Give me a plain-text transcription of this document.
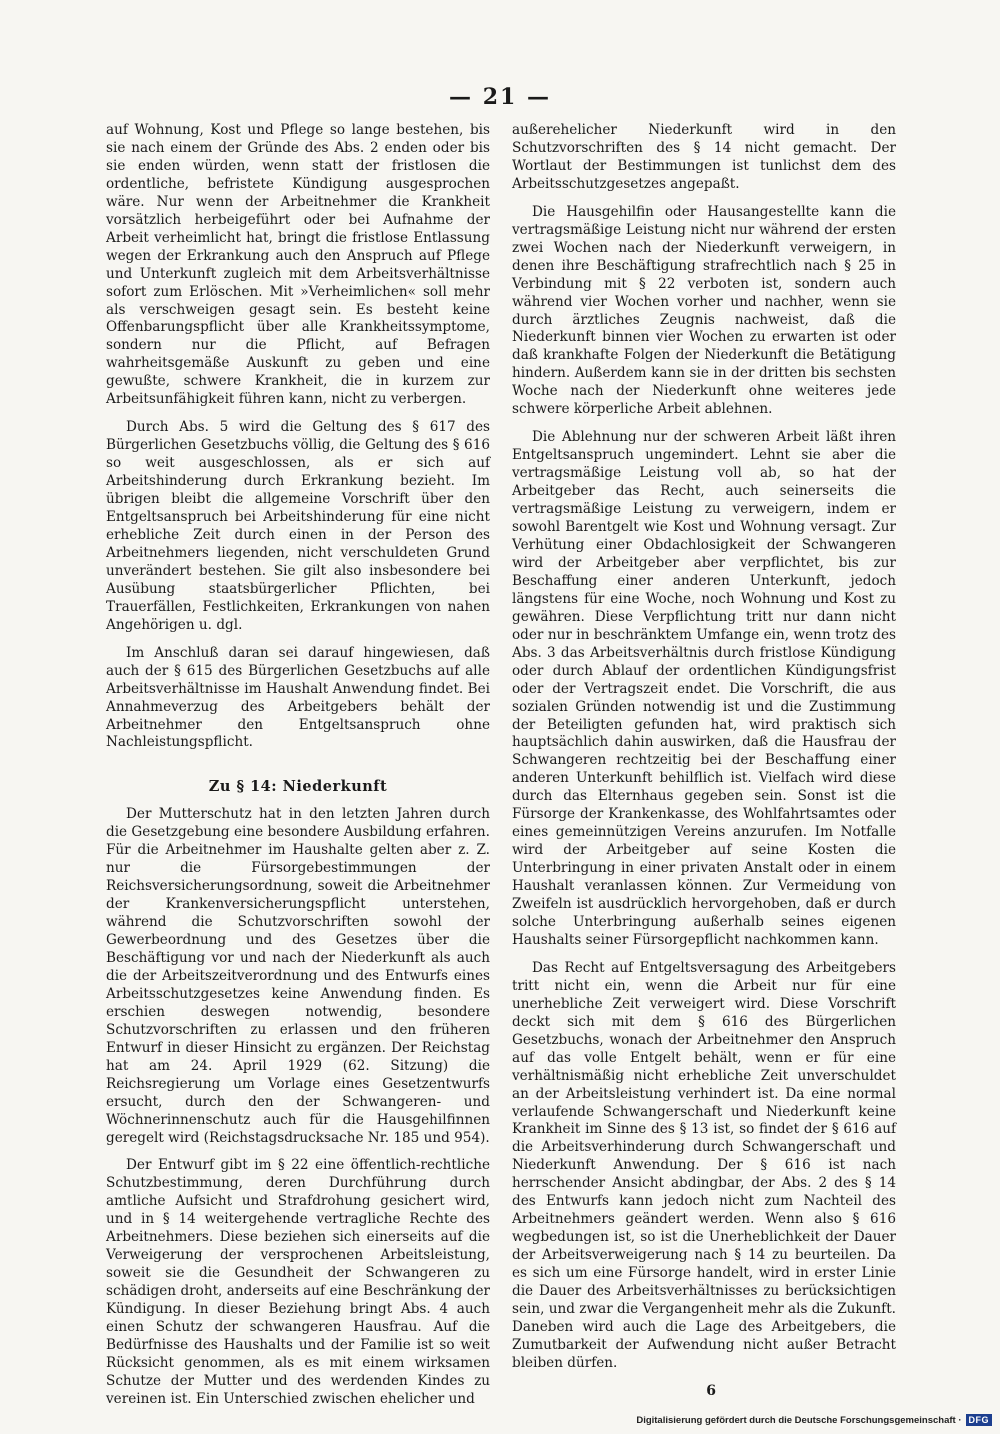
— 21 —

auf Wohnung, Kost und Pflege so lange bestehen, bis sie nach einem der Gründe des Abs. 2 enden oder bis sie enden würden, wenn statt der fristlosen die ordentliche, befristete Kündigung ausgesprochen wäre. Nur wenn der Arbeitnehmer die Krankheit vorsätzlich herbeigeführt oder bei Aufnahme der Arbeit verheimlicht hat, bringt die fristlose Entlassung wegen der Erkrankung auch den Anspruch auf Pflege und Unterkunft zugleich mit dem Arbeitsverhältnisse sofort zum Erlöschen. Mit »Verheimlichen« soll mehr als verschweigen gesagt sein. Es besteht keine Offenbarungspflicht über alle Krankheitssymptome, sondern nur die Pflicht, auf Befragen wahrheitsgemäße Auskunft zu geben und eine gewußte, schwere Krankheit, die in kurzem zur Arbeitsunfähigkeit führen kann, nicht zu verbergen.

Durch Abs. 5 wird die Geltung des § 617 des Bürgerlichen Gesetzbuchs völlig, die Geltung des § 616 so weit ausgeschlossen, als er sich auf Arbeitshinderung durch Erkrankung bezieht. Im übrigen bleibt die allgemeine Vorschrift über den Entgeltsanspruch bei Arbeitshinderung für eine nicht erhebliche Zeit durch einen in der Person des Arbeitnehmers liegenden, nicht verschuldeten Grund unverändert bestehen. Sie gilt also insbesondere bei Ausübung staatsbürgerlicher Pflichten, bei Trauerfällen, Festlichkeiten, Erkrankungen von nahen Angehörigen u. dgl.

Im Anschluß daran sei darauf hingewiesen, daß auch der § 615 des Bürgerlichen Gesetzbuchs auf alle Arbeitsverhältnisse im Haushalt Anwendung findet. Bei Annahmeverzug des Arbeitgebers behält der Arbeitnehmer den Entgeltsanspruch ohne Nachleistungspflicht.

Zu § 14: Niederkunft

Der Mutterschutz hat in den letzten Jahren durch die Gesetzgebung eine besondere Ausbildung erfahren. Für die Arbeitnehmer im Haushalte gelten aber z. Z. nur die Fürsorgebestimmungen der Reichsversicherungsordnung, soweit die Arbeitnehmer der Krankenversicherungspflicht unterstehen, während die Schutzvorschriften sowohl der Gewerbeordnung und des Gesetzes über die Beschäftigung vor und nach der Niederkunft als auch die der Arbeitszeitverordnung und des Entwurfs eines Arbeitsschutzgesetzes keine Anwendung finden. Es erschien deswegen notwendig, besondere Schutzvorschriften zu erlassen und den früheren Entwurf in dieser Hinsicht zu ergänzen. Der Reichstag hat am 24. April 1929 (62. Sitzung) die Reichsregierung um Vorlage eines Gesetzentwurfs ersucht, durch den der Schwangeren- und Wöchnerinnenschutz auch für die Hausgehilfinnen geregelt wird (Reichstagsdrucksache Nr. 185 und 954).

Der Entwurf gibt im § 22 eine öffentlich-rechtliche Schutzbestimmung, deren Durchführung durch amtliche Aufsicht und Strafdrohung gesichert wird, und in § 14 weitergehende vertragliche Rechte des Arbeitnehmers. Diese beziehen sich einerseits auf die Verweigerung der versprochenen Arbeitsleistung, soweit sie die Gesundheit der Schwangeren zu schädigen droht, anderseits auf eine Beschränkung der Kündigung. In dieser Beziehung bringt Abs. 4 auch einen Schutz der schwangeren Hausfrau. Auf die Bedürfnisse des Haushalts und der Familie ist so weit Rücksicht genommen, als es mit einem wirksamen Schutze der Mutter und des werdenden Kindes zu vereinen ist. Ein Unterschied zwischen ehelicher und

außerehelicher Niederkunft wird in den Schutzvorschriften des § 14 nicht gemacht. Der Wortlaut der Bestimmungen ist tunlichst dem des Arbeitsschutzgesetzes angepaßt.

Die Hausgehilfin oder Hausangestellte kann die vertragsmäßige Leistung nicht nur während der ersten zwei Wochen nach der Niederkunft verweigern, in denen ihre Beschäftigung strafrechtlich nach § 25 in Verbindung mit § 22 verboten ist, sondern auch während vier Wochen vorher und nachher, wenn sie durch ärztliches Zeugnis nachweist, daß die Niederkunft binnen vier Wochen zu erwarten ist oder daß krankhafte Folgen der Niederkunft die Betätigung hindern. Außerdem kann sie in der dritten bis sechsten Woche nach der Niederkunft ohne weiteres jede schwere körperliche Arbeit ablehnen.

Die Ablehnung nur der schweren Arbeit läßt ihren Entgeltsanspruch ungemindert. Lehnt sie aber die vertragsmäßige Leistung voll ab, so hat der Arbeitgeber das Recht, auch seinerseits die vertragsmäßige Leistung zu verweigern, indem er sowohl Barentgelt wie Kost und Wohnung versagt. Zur Verhütung einer Obdachlosigkeit der Schwangeren wird der Arbeitgeber aber verpflichtet, bis zur Beschaffung einer anderen Unterkunft, jedoch längstens für eine Woche, noch Wohnung und Kost zu gewähren. Diese Verpflichtung tritt nur dann nicht oder nur in beschränktem Umfange ein, wenn trotz des Abs. 3 das Arbeitsverhältnis durch fristlose Kündigung oder durch Ablauf der ordentlichen Kündigungsfrist oder der Vertragszeit endet. Die Vorschrift, die aus sozialen Gründen notwendig ist und die Zustimmung der Beteiligten gefunden hat, wird praktisch sich hauptsächlich dahin auswirken, daß die Hausfrau der Schwangeren rechtzeitig bei der Beschaffung einer anderen Unterkunft behilflich ist. Vielfach wird diese durch das Elternhaus gegeben sein. Sonst ist die Fürsorge der Krankenkasse, des Wohlfahrtsamtes oder eines gemeinnützigen Vereins anzurufen. Im Notfalle wird der Arbeitgeber auf seine Kosten die Unterbringung in einer privaten Anstalt oder in einem Haushalt veranlassen können. Zur Vermeidung von Zweifeln ist ausdrücklich hervorgehoben, daß er durch solche Unterbringung außerhalb seines eigenen Haushalts seiner Fürsorgepflicht nachkommen kann.

Das Recht auf Entgeltsversagung des Arbeitgebers tritt nicht ein, wenn die Arbeit nur für eine unerhebliche Zeit verweigert wird. Diese Vorschrift deckt sich mit dem § 616 des Bürgerlichen Gesetzbuchs, wonach der Arbeitnehmer den Anspruch auf das volle Entgelt behält, wenn er für eine verhältnismäßig nicht erhebliche Zeit unverschuldet an der Arbeitsleistung verhindert ist. Da eine normal verlaufende Schwangerschaft und Niederkunft keine Krankheit im Sinne des § 13 ist, so findet der § 616 auf die Arbeitsverhinderung durch Schwangerschaft und Niederkunft Anwendung. Der § 616 ist nach herrschender Ansicht abdingbar, der Abs. 2 des § 14 des Entwurfs kann jedoch nicht zum Nachteil des Arbeitnehmers geändert werden. Wenn also § 616 wegbedungen ist, so ist die Unerheblichkeit der Dauer der Arbeitsverweigerung nach § 14 zu beurteilen. Da es sich um eine Fürsorge handelt, wird in erster Linie die Dauer des Arbeitsverhältnisses zu berücksichtigen sein, und zwar die Vergangenheit mehr als die Zukunft. Daneben wird auch die Lage des Arbeitgebers, die Zumutbarkeit der Aufwendung nicht außer Betracht bleiben dürfen.

6
Digitalisierung gefördert durch die Deutsche Forschungsgemeinschaft · DFG
